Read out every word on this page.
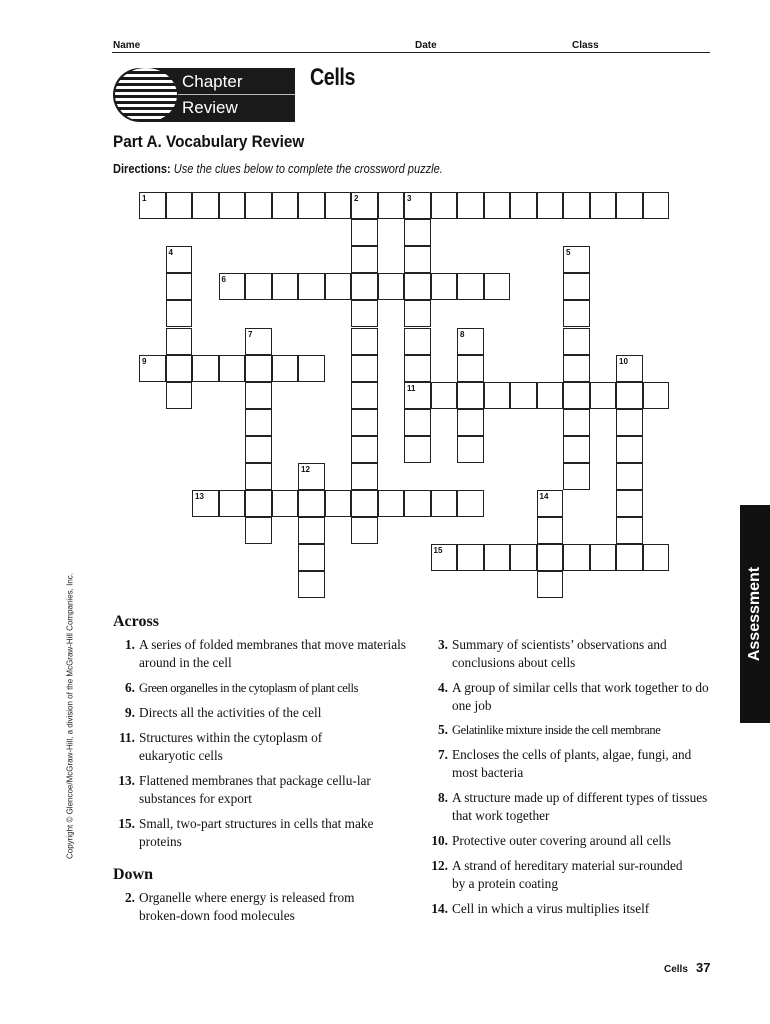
Name	Date	Class
Chapter
Review
Cells
Part A. Vocabulary Review
Directions: Use the clues below to complete the crossword puzzle.
1	2	3
4	5
6
7	8
9	10
11
12
13	14
15
Across
1. A series of folded membranes that move materials around in the cell
6. Green organelles in the cytoplasm of plant cells
9. Directs all the activities of the cell
11. Structures within the cytoplasm of eukaryotic cells
13. Flattened membranes that package cellu-lar substances for export
15. Small, two-part structures in cells that make proteins
Down
2. Organelle where energy is released from broken-down food molecules
3. Summary of scientists’ observations and conclusions about cells
4. A group of similar cells that work together to do one job
5. Gelatinlike mixture inside the cell membrane
7. Encloses the cells of plants, algae, fungi, and most bacteria
8. A structure made up of different types of tissues that work together
10. Protective outer covering around all cells
12. A strand of hereditary material sur-rounded by a protein coating
14. Cell in which a virus multiplies itself
Assessment
Copyright © Glencoe/McGraw-Hill, a division of the McGraw-Hill Companies, Inc.
Cells 37
